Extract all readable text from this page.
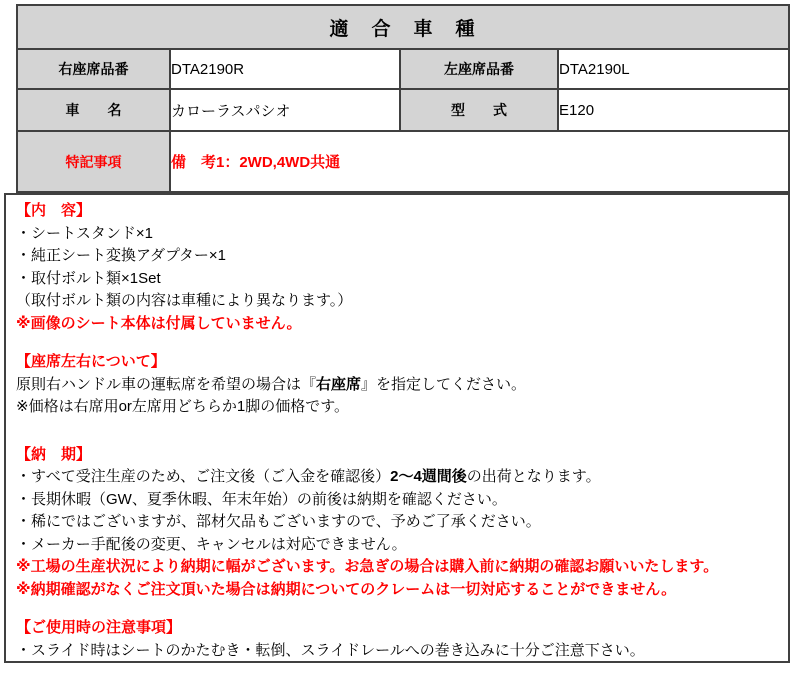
適　合　車　種			
右座席品番	DTA2190R	左座席品番	DTA2190L
車　　名	カローラスパシオ	型　　式	E120
特記事項	備　考1：2WD,4WD共通		
【内　容】
・シートスタンド×1
・純正シート変換アダプター×1
・取付ボルト類×1Set
（取付ボルト類の内容は車種により異なります。）
※画像のシート本体は付属していません。
【座席左右について】
原則右ハンドル車の運転席を希望の場合は『右座席』を指定してください。
※価格は右席用or左席用どちらか1脚の価格です。
【納　期】
・すべて受注生産のため、ご注文後（ご入金を確認後）2～4週間後の出荷となります。
・長期休暇（GW、夏季休暇、年末年始）の前後は納期を確認ください。
・稀にではございますが、部材欠品もございますので、予めご了承ください。
・メーカー手配後の変更、キャンセルは対応できません。
※工場の生産状況により納期に幅がございます。お急ぎの場合は購入前に納期の確認お願いいたします。
※納期確認がなくご注文頂いた場合は納期についてのクレームは一切対応することができません。
【ご使用時の注意事項】
・スライド時はシートのかたむき・転倒、スライドレールへの巻き込みに十分ご注意下さい。
